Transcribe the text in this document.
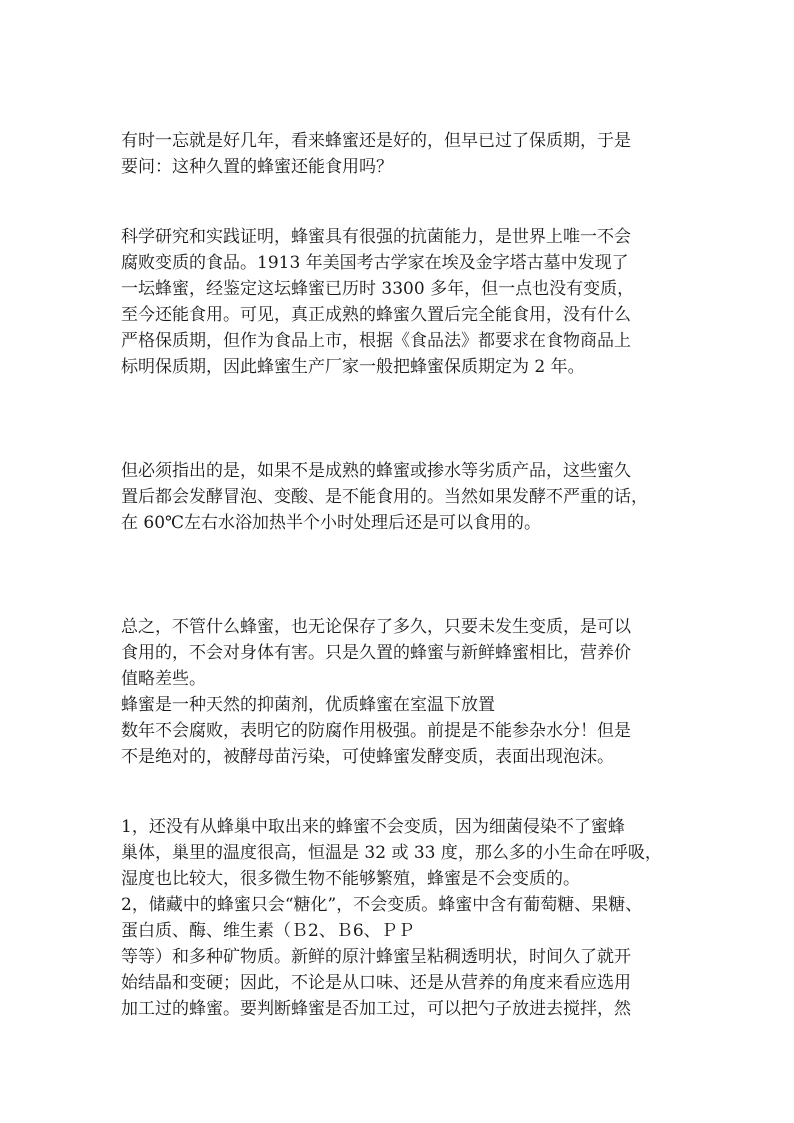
有时一忘就是好几年，看来蜂蜜还是好的，但早已过了保质期，于是
要问：这种久置的蜂蜜还能食用吗？
科学研究和实践证明，蜂蜜具有很强的抗菌能力，是世界上唯一不会
腐败变质的食品。1913 年美国考古学家在埃及金字塔古墓中发现了
一坛蜂蜜，经鉴定这坛蜂蜜已历时 3300 多年，但一点也没有变质，
至今还能食用。可见，真正成熟的蜂蜜久置后完全能食用，没有什么
严格保质期，但作为食品上市，根据《食品法》都要求在食物商品上
标明保质期，因此蜂蜜生产厂家一般把蜂蜜保质期定为 2 年。
但必须指出的是，如果不是成熟的蜂蜜或掺水等劣质产品，这些蜜久
置后都会发酵冒泡、变酸、是不能食用的。当然如果发酵不严重的话，
在 60℃左右水浴加热半个小时处理后还是可以食用的。
总之，不管什么蜂蜜，也无论保存了多久，只要未发生变质，是可以
食用的，不会对身体有害。只是久置的蜂蜜与新鲜蜂蜜相比，营养价
值略差些。
蜂蜜是一种天然的抑菌剂，优质蜂蜜在室温下放置
数年不会腐败，表明它的防腐作用极强。前提是不能参杂水分！但是
不是绝对的，被酵母苗污染，可使蜂蜜发酵变质，表面出现泡沫。
1，还没有从蜂巢中取出来的蜂蜜不会变质，因为细菌侵染不了蜜蜂
巢体，巢里的温度很高，恒温是 32 或 33 度，那么多的小生命在呼吸，
湿度也比较大，很多微生物不能够繁殖，蜂蜜是不会变质的。
2，储藏中的蜂蜜只会“糖化”，不会变质。蜂蜜中含有葡萄糖、果糖、
蛋白质、酶、维生素（Ｂ2、Ｂ6、ＰＰ
等等）和多种矿物质。新鲜的原汁蜂蜜呈粘稠透明状，时间久了就开
始结晶和变硬；因此，不论是从口味、还是从营养的角度来看应选用
加工过的蜂蜜。要判断蜂蜜是否加工过，可以把勺子放进去搅拌，然
